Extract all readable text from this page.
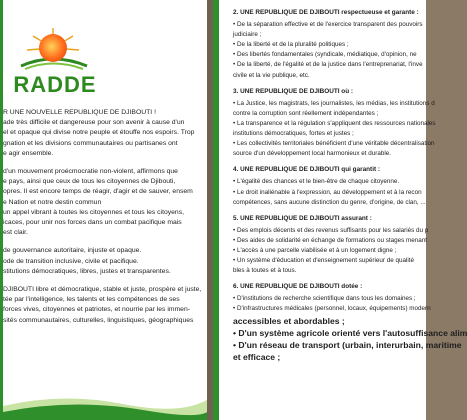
RADDE
R UNE NOUVELLE REPUBLIQUE DE DJIBOUTI !
ade très difficile et dangereuse pour son avenir à cause d'un
el et opaque qui divise notre peuple et étouffe nos espoirs. Trop
gnation et les divisions communautaires ou partisanes ont
e agir ensemble.
d'un mouvement proécmocratie non-violent, affirmons que
e pays, ainsi que ceux de tous les citoyennes de Djibouti,
opres. Il est encore temps de réagir, d'agir et de sauver, ensem
e Nation et notre destin commun
un appel vibrant à toutes les citoyennes et tous les citoyens,
icaces, pour unir nos forces dans un combat pacifique mais
est clair.
de gouvernance autoritaire, injuste et opaque.
ode de transition inclusive, civile et pacifique.
stitutions démocratiques, libres, justes et transparentes.
DJIBOUTI libre et démocratique, stable et juste, prospère et juste,
tée par l'intelligence, les talents et les compétences de ses
forces vives, citoyennes et patriotes, et nourrie par les immen-
sités communautaires, culturelles, linguistiques, géographiques
2. UNE REPUBLIQUE DE DJIBOUTI respectueuse et garante :
• De la séparation effective et de l'exercice transparent des pouvoirs
judiciaire ;
• De la liberté et de la pluralité politiques ;
• Des libertés fondamentales (syndicale, médiatique, d'opinion, ne
• De la liberté, de l'égalité et de la justice dans l'entreprenariat, l'inve
civile et la vie publique, etc.
3. UNE REPUBLIQUE DE DJIBOUTI où :
• La Justice, les magistrats, les journalistes, les médias, les institutions d
contre la corruption sont réellement indépendantes ;
• La transparence et la régulation s'appliquent des ressources nationales
institutions démocratiques, fortes et justes ;
• Les collectivités territoriales bénéficient d'une véritable décentralisation
source d'un développement local harmonieux et durable.
4. UNE REPUBLIQUE DE DJIBOUTI qui garantit :
• L'égalité des chances et le bien-être de chaque citoyenne.
• Le droit inaliénable à l'expression, au développement et à la recon
compétences, sans aucune distinction du genre, d'origine, de clan, ...
5. UNE REPUBLIQUE DE DJIBOUTI assurant :
• Des emplois décents et des revenus suffisants pour les salariés du p
• Des aides de solidarité en échange de formations ou stages menant
• L'accès à une parcelle viabilisée et à un logement digne ;
• Un système d'éducation et d'enseignement supérieur de qualité
bles à toutes et à tous.
6. UNE REPUBLIQUE DE DJIBOUTI dotée :
• D'institutions de recherche scientifique dans tous les domaines ;
• D'infrastructures médicales (personnel, locaux, équipements) modern
accessibles et abordables ;
• D'un système agricole orienté vers l'autosuffisance alim
• D'un réseau de transport (urbain, interurbain, maritime
et efficace ;
